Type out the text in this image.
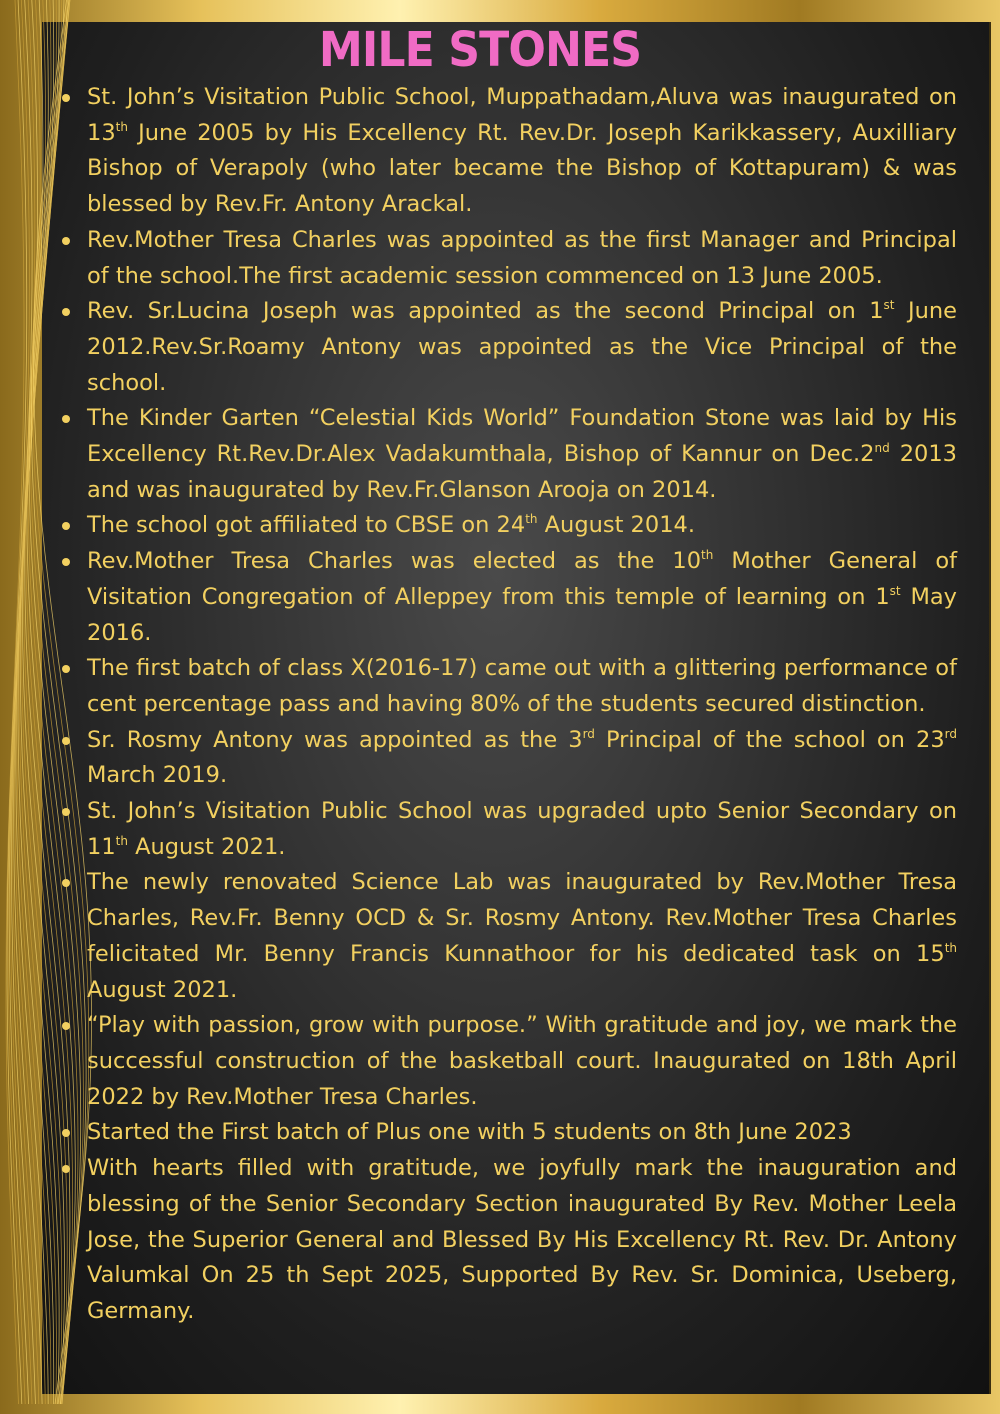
MILE STONES
St. John’s Visitation Public School, Muppathadam,Aluva was inaugurated on 13th June 2005 by His Excellency Rt. Rev.Dr. Joseph Karikkassery, Auxilliary Bishop of Verapoly (who later became the Bishop of Kottapuram) & was blessed by Rev.Fr. Antony Arackal.
Rev.Mother Tresa Charles was appointed as the first Manager and Principal of the school.The first academic session commenced on 13 June 2005.
Rev. Sr.Lucina Joseph was appointed as the second Principal on 1st June 2012.Rev.Sr.Roamy Antony was appointed as the Vice Principal of the school.
The Kinder Garten “Celestial Kids World” Foundation Stone was laid by His Excellency Rt.Rev.Dr.Alex Vadakumthala, Bishop of Kannur on Dec.2nd 2013 and was inaugurated by Rev.Fr.Glanson Arooja on 2014.
The school got affiliated to CBSE on 24th August 2014.
Rev.Mother Tresa Charles was elected as the 10th Mother General of Visitation Congregation of Alleppey from this temple of learning on 1st May 2016.
The first batch of class X(2016-17) came out with a glittering performance of cent percentage pass and having 80% of the students secured distinction.
Sr. Rosmy Antony was appointed as the 3rd Principal of the school on 23rd March 2019.
St. John’s Visitation Public School was upgraded upto Senior Secondary on 11th August 2021.
The newly renovated Science Lab was inaugurated by Rev.Mother Tresa Charles, Rev.Fr. Benny OCD & Sr. Rosmy Antony. Rev.Mother Tresa Charles felicitated Mr. Benny Francis Kunnathoor for his dedicated task on 15th August 2021.
“Play with passion, grow with purpose.” With gratitude and joy, we mark the successful construction of the basketball court. Inaugurated on 18th April 2022 by Rev.Mother Tresa Charles.
Started the First batch of Plus one with 5 students on 8th June 2023
With hearts filled with gratitude, we joyfully mark the inauguration and blessing of the Senior Secondary Section inaugurated By Rev. Mother Leela Jose, the Superior General and Blessed By His Excellency Rt. Rev. Dr. Antony Valumkal On 25 th Sept 2025, Supported By Rev. Sr. Dominica, Useberg, Germany.
